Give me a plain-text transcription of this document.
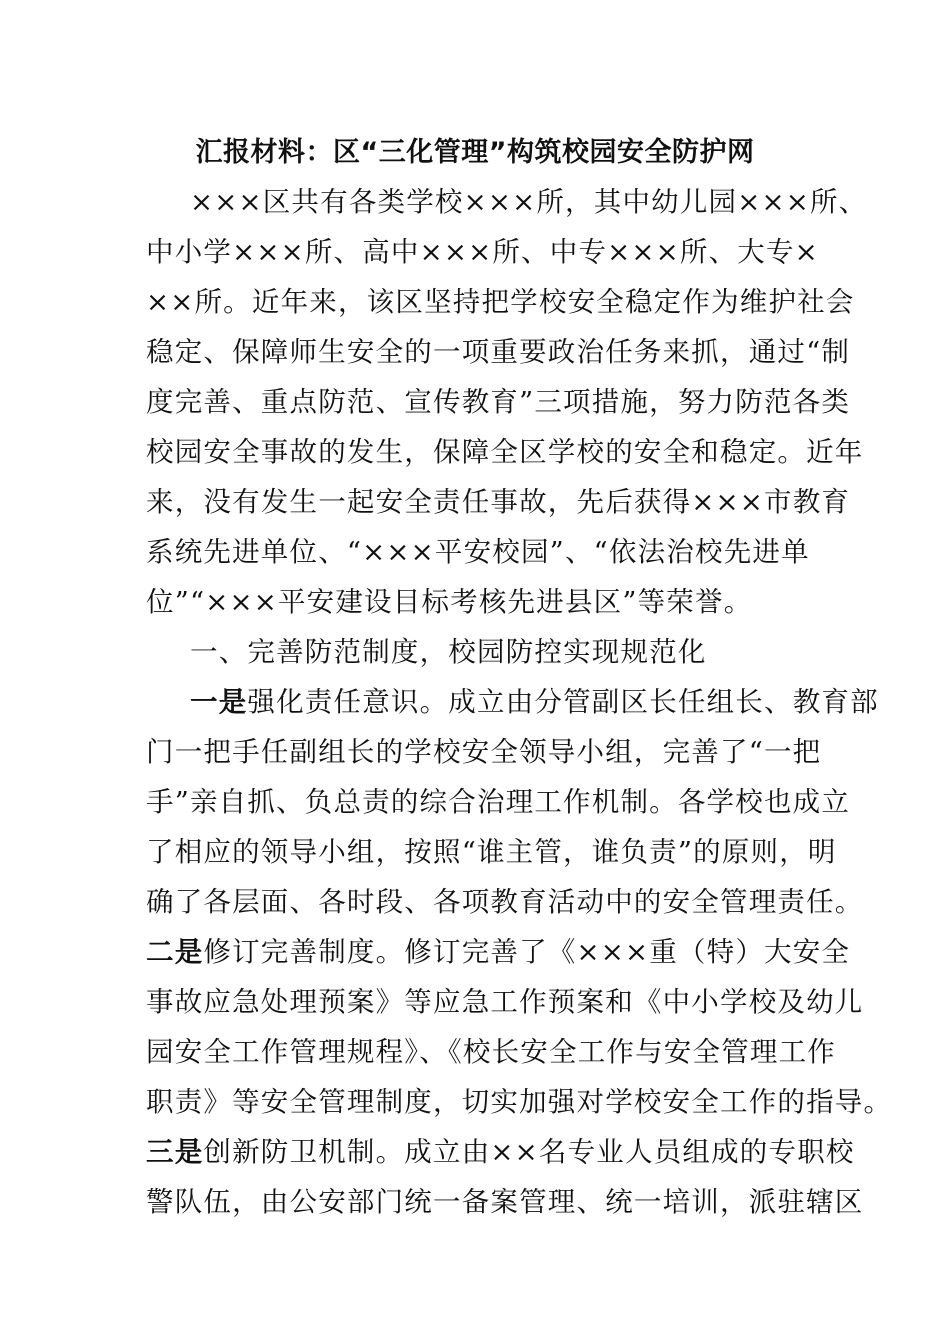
汇报材料：区“三化管理”构筑校园安全防护网
×××区共有各类学校×××所，其中幼儿园×××所、
中小学×××所、高中×××所、中专×××所、大专×
××所。近年来，该区坚持把学校安全稳定作为维护社会
稳定、保障师生安全的一项重要政治任务来抓，通过“制
度完善、重点防范、宣传教育”三项措施，努力防范各类
校园安全事故的发生，保障全区学校的安全和稳定。近年
来，没有发生一起安全责任事故，先后获得×××市教育
系统先进单位、“×××平安校园”、“依法治校先进单
位”“×××平安建设目标考核先进县区”等荣誉。
一、完善防范制度，校园防控实现规范化
一是强化责任意识。成立由分管副区长任组长、教育部
门一把手任副组长的学校安全领导小组，完善了“一把
手”亲自抓、负总责的综合治理工作机制。各学校也成立
了相应的领导小组，按照“谁主管，谁负责”的原则，明
确了各层面、各时段、各项教育活动中的安全管理责任。
二是修订完善制度。修订完善了《×××重（特）大安全
事故应急处理预案》等应急工作预案和《中小学校及幼儿
园安全工作管理规程》、《校长安全工作与安全管理工作
职责》等安全管理制度，切实加强对学校安全工作的指导。
三是创新防卫机制。成立由××名专业人员组成的专职校
警队伍，由公安部门统一备案管理、统一培训，派驻辖区
